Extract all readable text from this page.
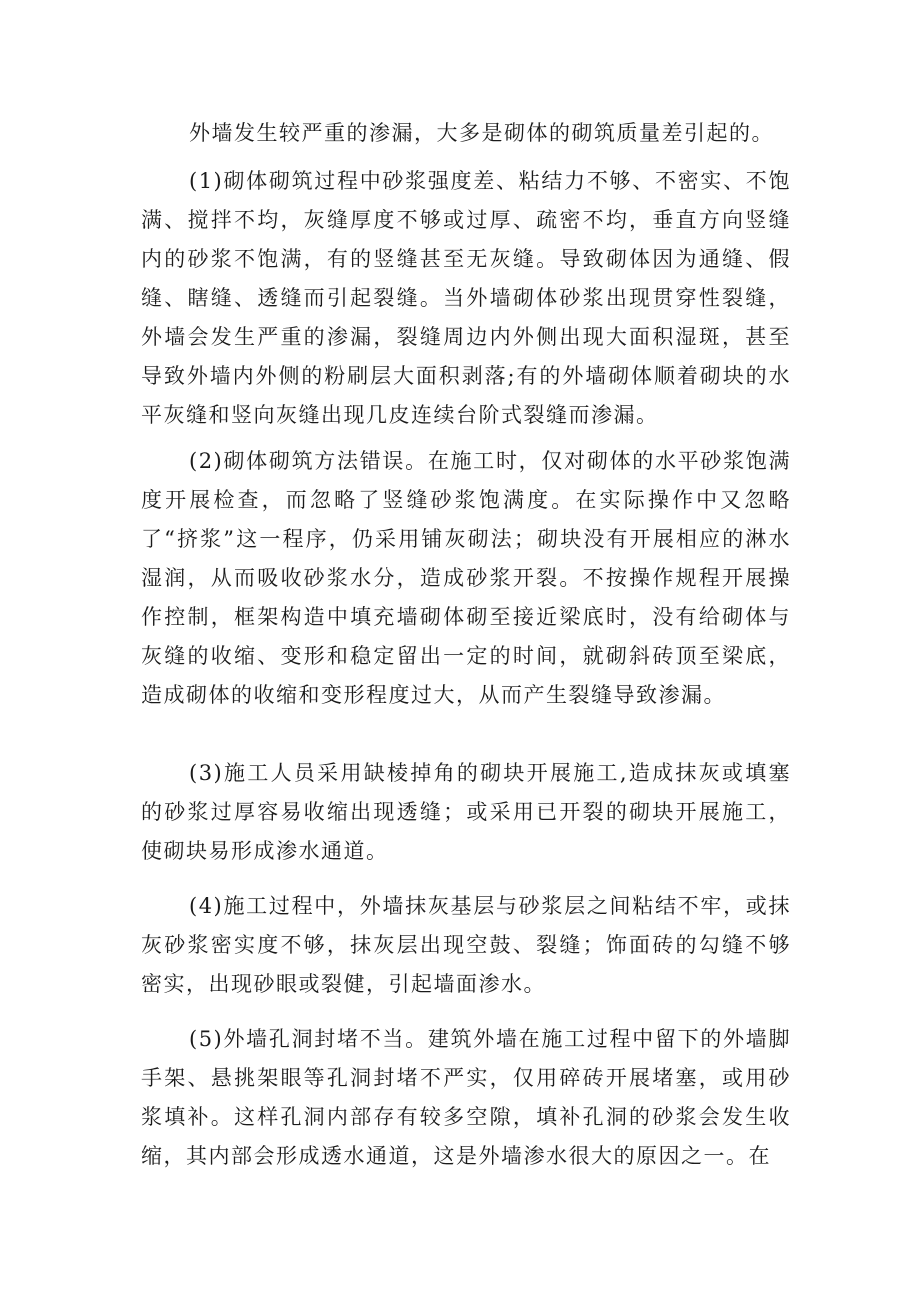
外墙发生较严重的渗漏，大多是砌体的砌筑质量差引起的。

(1)砌体砌筑过程中砂浆强度差、粘结力不够、不密实、不饱满、搅拌不均，灰缝厚度不够或过厚、疏密不均，垂直方向竖缝内的砂浆不饱满，有的竖缝甚至无灰缝。导致砌体因为通缝、假缝、瞎缝、透缝而引起裂缝。当外墙砌体砂浆出现贯穿性裂缝，外墙会发生严重的渗漏，裂缝周边内外侧出现大面积湿斑，甚至导致外墙内外侧的粉刷层大面积剥落;有的外墙砌体顺着砌块的水平灰缝和竖向灰缝出现几皮连续台阶式裂缝而渗漏。

(2)砌体砌筑方法错误。在施工时，仅对砌体的水平砂浆饱满度开展检查，而忽略了竖缝砂浆饱满度。在实际操作中又忽略了“挤浆”这一程序，仍采用铺灰砌法；砌块没有开展相应的淋水湿润，从而吸收砂浆水分，造成砂浆开裂。不按操作规程开展操作控制，框架构造中填充墙砌体砌至接近梁底时，没有给砌体与灰缝的收缩、变形和稳定留出一定的时间，就砌斜砖顶至梁底，造成砌体的收缩和变形程度过大，从而产生裂缝导致渗漏。

(3)施工人员采用缺棱掉角的砌块开展施工,造成抹灰或填塞的砂浆过厚容易收缩出现透缝；或采用已开裂的砌块开展施工，使砌块易形成渗水通道。

(4)施工过程中，外墙抹灰基层与砂浆层之间粘结不牢，或抹灰砂浆密实度不够，抹灰层出现空鼓、裂缝；饰面砖的勾缝不够密实，出现砂眼或裂健，引起墙面渗水。

(5)外墙孔洞封堵不当。建筑外墙在施工过程中留下的外墙脚手架、悬挑架眼等孔洞封堵不严实，仅用碎砖开展堵塞，或用砂浆填补。这样孔洞内部存有较多空隙，填补孔洞的砂浆会发生收缩，其内部会形成透水通道，这是外墙渗水很大的原因之一。在
